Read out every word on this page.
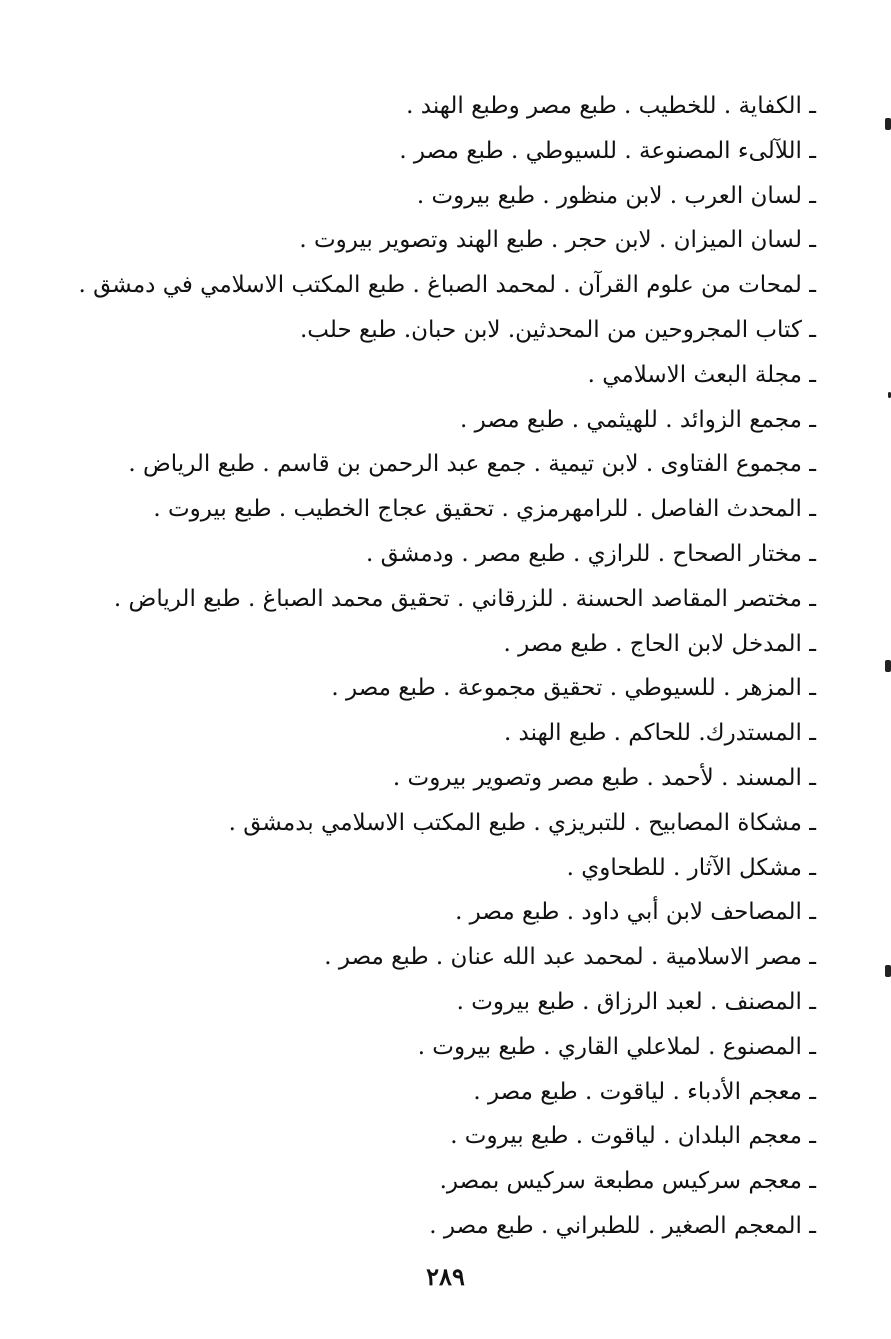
ـ الكفاية . للخطيب . طبع مصر وطبع الهند .
ـ اللآلىء المصنوعة . للسيوطي . طبع مصر .
ـ لسان العرب . لابن منظور . طبع بيروت .
ـ لسان الميزان . لابن حجر . طبع الهند وتصوير بيروت .
ـ لمحات من علوم القرآن . لمحمد الصباغ . طبع المكتب الاسلامي في دمشق .
ـ كتاب المجروحين من المحدثين. لابن حبان. طبع حلب.
ـ مجلة البعث الاسلامي .
ـ مجمع الزوائد . للهيثمي . طبع مصر .
ـ مجموع الفتاوى . لابن تيمية . جمع عبد الرحمن بن قاسم . طبع الرياض .
ـ المحدث الفاصل . للرامهرمزي . تحقيق عجاج الخطيب . طبع بيروت .
ـ مختار الصحاح . للرازي . طبع مصر . ودمشق .
ـ مختصر المقاصد الحسنة . للزرقاني . تحقيق محمد الصباغ . طبع الرياض .
ـ المدخل لابن الحاج . طبع مصر .
ـ المزهر . للسيوطي . تحقيق مجموعة . طبع مصر .
ـ المستدرك. للحاكم . طبع الهند .
ـ المسند . لأحمد . طبع مصر وتصوير بيروت .
ـ مشكاة المصابيح . للتبريزي . طبع المكتب الاسلامي بدمشق .
ـ مشكل الآثار . للطحاوي .
ـ المصاحف لابن أبي داود . طبع مصر .
ـ مصر الاسلامية . لمحمد عبد الله عنان . طبع مصر .
ـ المصنف . لعبد الرزاق . طبع بيروت .
ـ المصنوع . لملاعلي القاري . طبع بيروت .
ـ معجم الأدباء . لياقوت . طبع مصر .
ـ معجم البلدان . لياقوت . طبع بيروت .
ـ معجم سركيس مطبعة سركيس بمصر.
ـ المعجم الصغير . للطبراني . طبع مصر .
٢٨٩
